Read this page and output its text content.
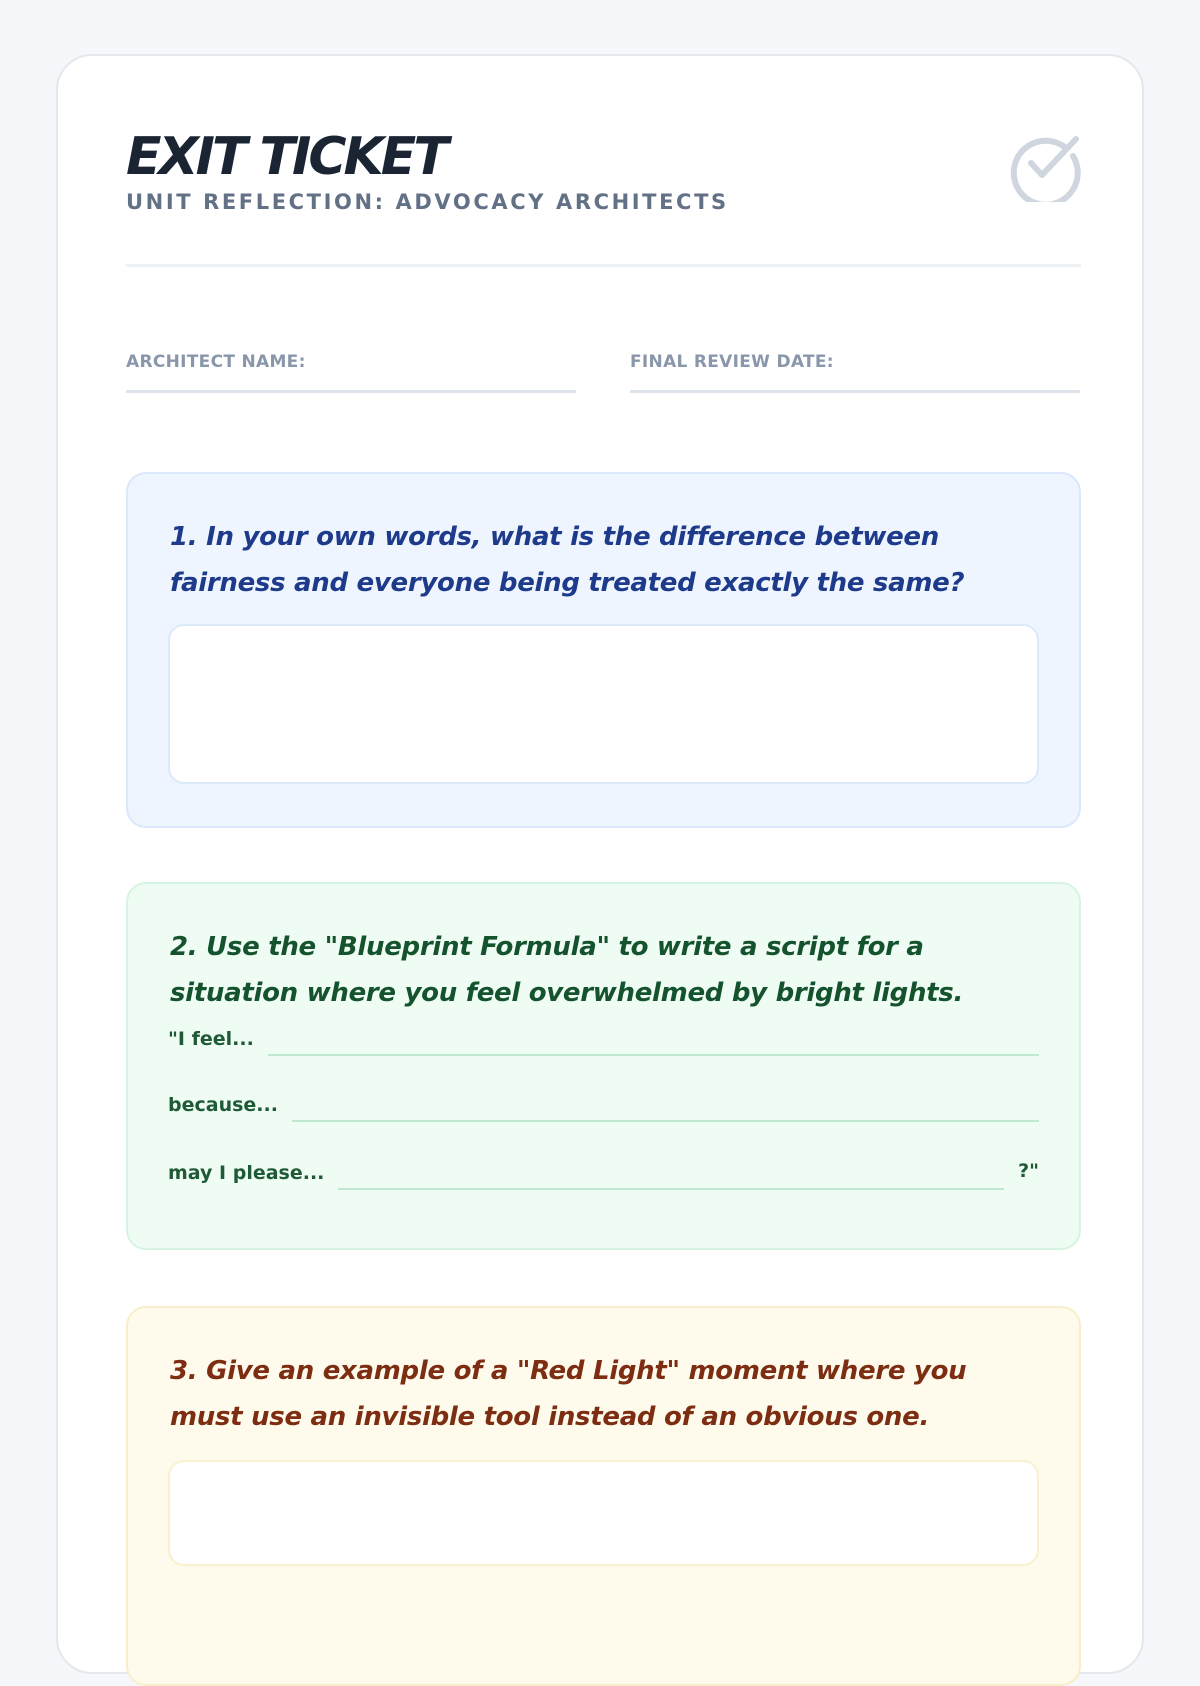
EXIT TICKET
UNIT REFLECTION: ADVOCACY ARCHITECTS
ARCHITECT NAME:	FINAL REVIEW DATE:
1. In your own words, what is the difference between fairness and everyone being treated exactly the same?
2. Use the "Blueprint Formula" to write a script for a situation where you feel overwhelmed by bright lights.
"I feel...
because...
may I please...	?"
3. Give an example of a "Red Light" moment where you must use an invisible tool instead of an obvious one.
